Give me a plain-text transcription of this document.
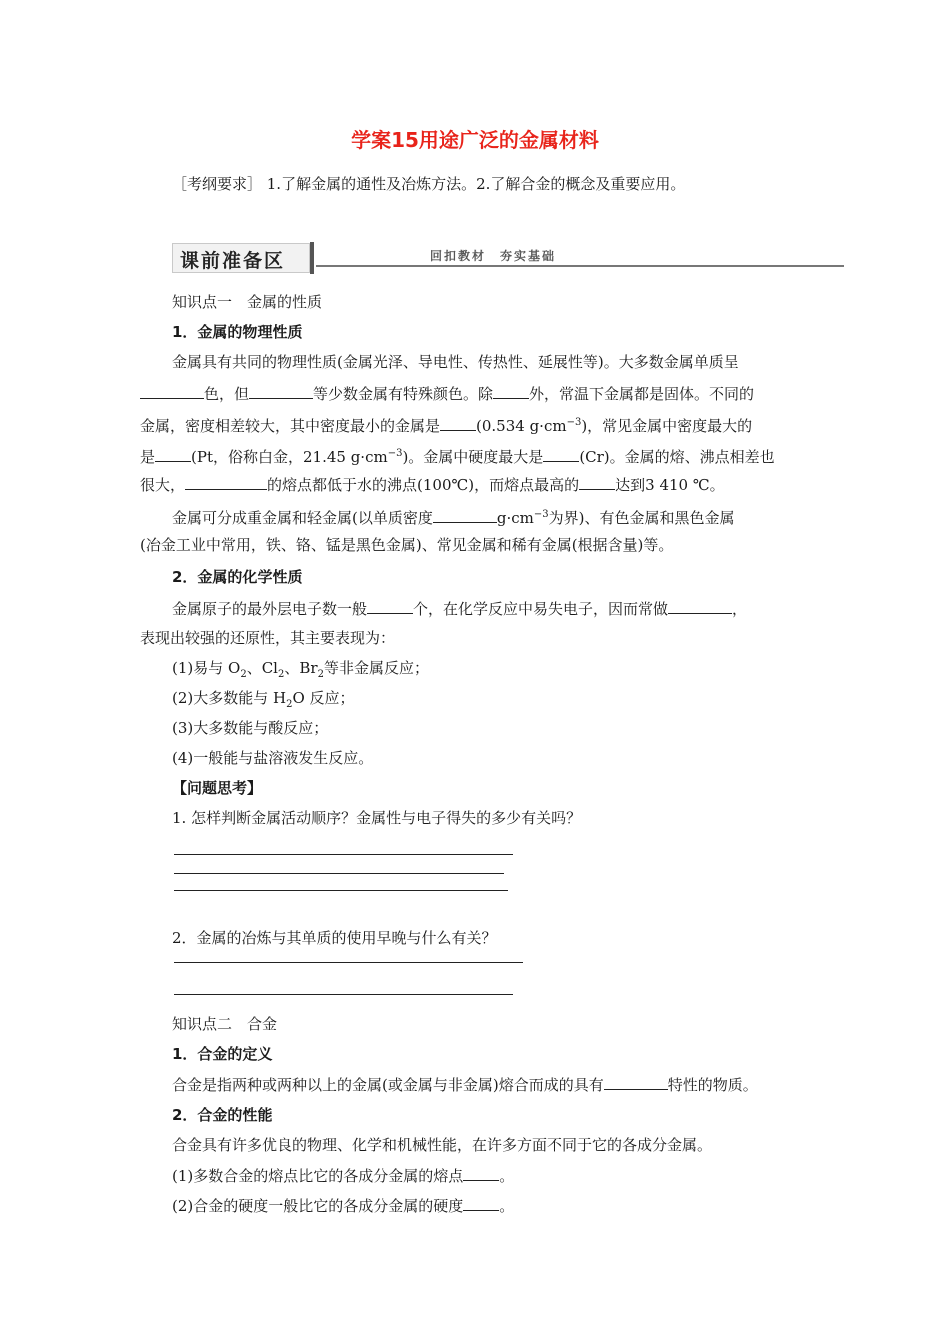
学案15用途广泛的金属材料
［考纲要求］ 1.了解金属的通性及冶炼方法。2.了解合金的概念及重要应用。
课前准备区	回扣教材　夯实基础
知识点一　金属的性质
1．金属的物理性质
金属具有共同的物理性质(金属光泽、导电性、传热性、延展性等)。大多数金属单质呈
色，但	等少数金属有特殊颜色。除 外，常温下金属都是固体。不同的
金属，密度相差较大，其中密度最小的金属是 (0.534 $g\cdot cm^{-3}$)，常见金属中密度最大的
是 (Pt，俗称白金，21.45 $g\cdot cm^{-3}$)。金属中硬度最大是 (Cr)。金属的熔、沸点相差也
很大，	的熔点都低于水的沸点(100℃)，而熔点最高的 达到3 410 ℃。
金属可分成重金属和轻金属(以单质密度	$g\cdot cm^{-3}$为界)、有色金属和黑色金属
(冶金工业中常用，铁、铬、锰是黑色金属)、常见金属和稀有金属(根据含量)等。
2．金属的化学性质
金属原子的最外层电子数一般	个，在化学反应中易失电子，因而常做	，
表现出较强的还原性，其主要表现为：
(1)易与 $O_2$、$Cl_2$、$Br_2$等非金属反应；
(2)大多数能与 $H_2O$ 反应；
(3)大多数能与酸反应；
(4)一般能与盐溶液发生反应。
【问题思考】
1. 怎样判断金属活动顺序？金属性与电子得失的多少有关吗？
2．金属的冶炼与其单质的使用早晚与什么有关？
知识点二　合金
1．合金的定义
合金是指两种或两种以上的金属(或金属与非金属)熔合而成的具有	特性的物质。
2．合金的性能
合金具有许多优良的物理、化学和机械性能，在许多方面不同于它的各成分金属。
(1)多数合金的熔点比它的各成分金属的熔点 。
(2)合金的硬度一般比它的各成分金属的硬度 。
